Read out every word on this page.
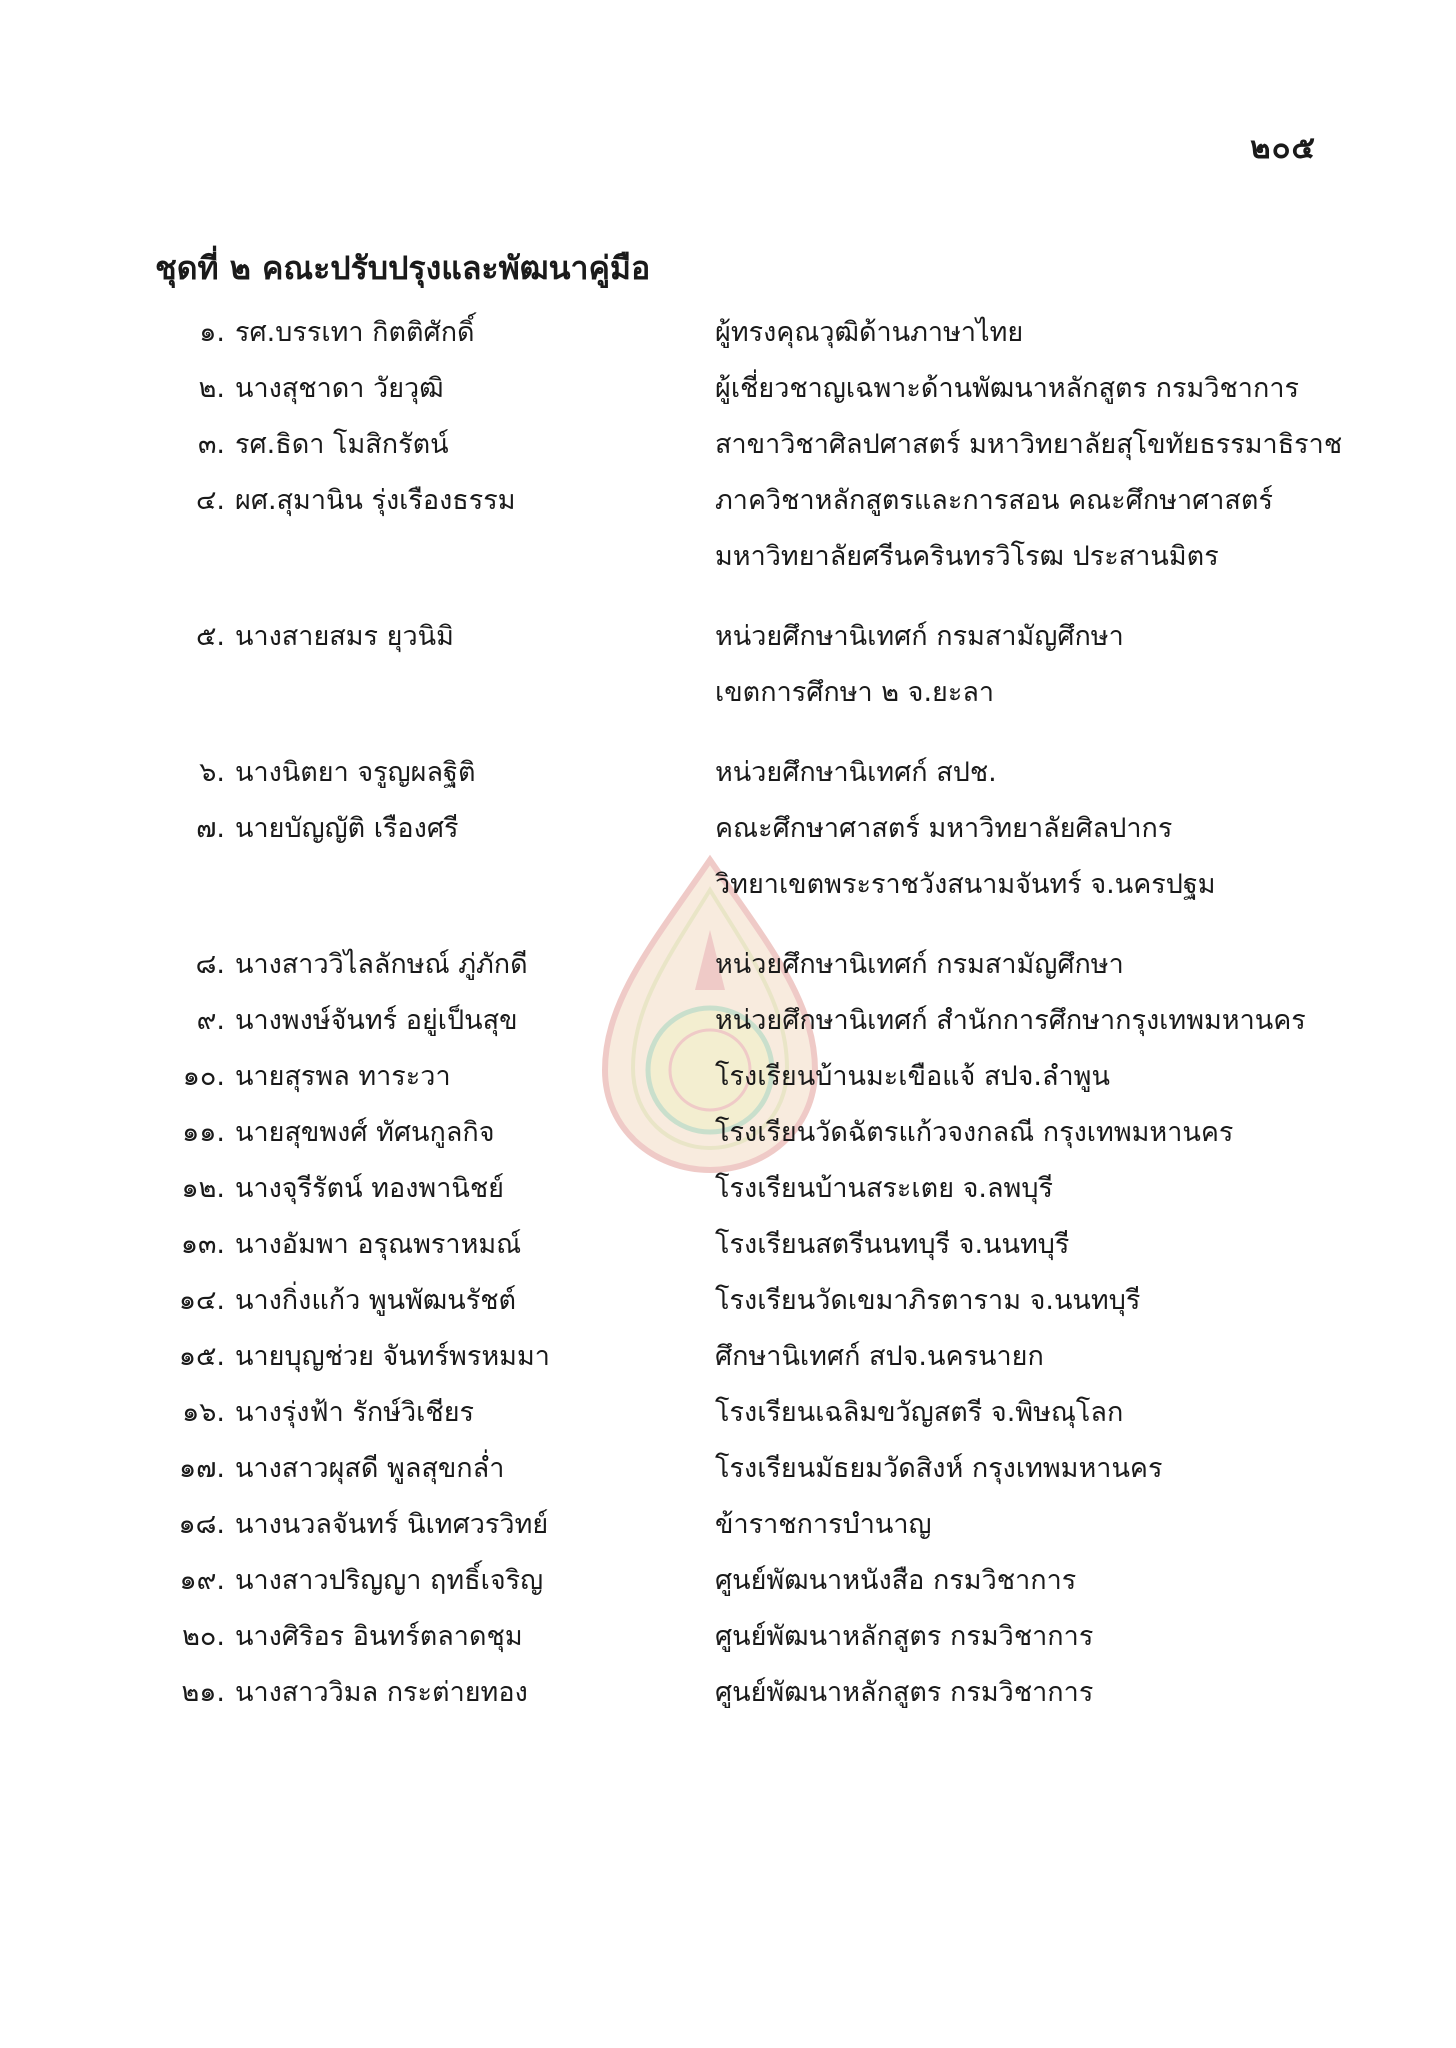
๒๐๕
ชุดที่ ๒ คณะปรับปรุงและพัฒนาคู่มือ
๑. รศ.บรรเทา กิตติศักดิ์	ผู้ทรงคุณวุฒิด้านภาษาไทย
๒. นางสุชาดา วัยวุฒิ	ผู้เชี่ยวชาญเฉพาะด้านพัฒนาหลักสูตร กรมวิชาการ
๓. รศ.ธิดา โมสิกรัตน์	สาขาวิชาศิลปศาสตร์ มหาวิทยาลัยสุโขทัยธรรมาธิราช
๔. ผศ.สุมานิน รุ่งเรืองธรรม	ภาควิชาหลักสูตรและการสอน คณะศึกษาศาสตร์
มหาวิทยาลัยศรีนครินทรวิโรฒ ประสานมิตร
๕. นางสายสมร ยุวนิมิ	หน่วยศึกษานิเทศก์ กรมสามัญศึกษา
เขตการศึกษา ๒ จ.ยะลา
๖. นางนิตยา จรูญผลฐิติ	หน่วยศึกษานิเทศก์ สปช.
๗. นายบัญญัติ เรืองศรี	คณะศึกษาศาสตร์ มหาวิทยาลัยศิลปากร
วิทยาเขตพระราชวังสนามจันทร์ จ.นครปฐม
๘. นางสาววิไลลักษณ์ ภู่ภักดี	หน่วยศึกษานิเทศก์ กรมสามัญศึกษา
๙. นางพงษ์จันทร์ อยู่เป็นสุข	หน่วยศึกษานิเทศก์ สำนักการศึกษากรุงเทพมหานคร
๑๐. นายสุรพล ทาระวา	โรงเรียนบ้านมะเขือแจ้ สปจ.ลำพูน
๑๑. นายสุขพงศ์ ทัศนกูลกิจ	โรงเรียนวัดฉัตรแก้วจงกลณี กรุงเทพมหานคร
๑๒. นางจุรีรัตน์ ทองพานิชย์	โรงเรียนบ้านสระเตย จ.ลพบุรี
๑๓. นางอัมพา อรุณพราหมณ์	โรงเรียนสตรีนนทบุรี จ.นนทบุรี
๑๔. นางกิ่งแก้ว พูนพัฒนรัชต์	โรงเรียนวัดเขมาภิรตาราม จ.นนทบุรี
๑๕. นายบุญช่วย จันทร์พรหมมา	ศึกษานิเทศก์ สปจ.นครนายก
๑๖. นางรุ่งฟ้า รักษ์วิเชียร	โรงเรียนเฉลิมขวัญสตรี จ.พิษณุโลก
๑๗. นางสาวผุสดี พูลสุขกล่ำ	โรงเรียนมัธยมวัดสิงห์ กรุงเทพมหานคร
๑๘. นางนวลจันทร์ นิเทศวรวิทย์	ข้าราชการบำนาญ
๑๙. นางสาวปริญญา ฤทธิ์เจริญ	ศูนย์พัฒนาหนังสือ กรมวิชาการ
๒๐. นางศิริอร อินทร์ตลาดชุม	ศูนย์พัฒนาหลักสูตร กรมวิชาการ
๒๑. นางสาววิมล กระต่ายทอง	ศูนย์พัฒนาหลักสูตร กรมวิชาการ
